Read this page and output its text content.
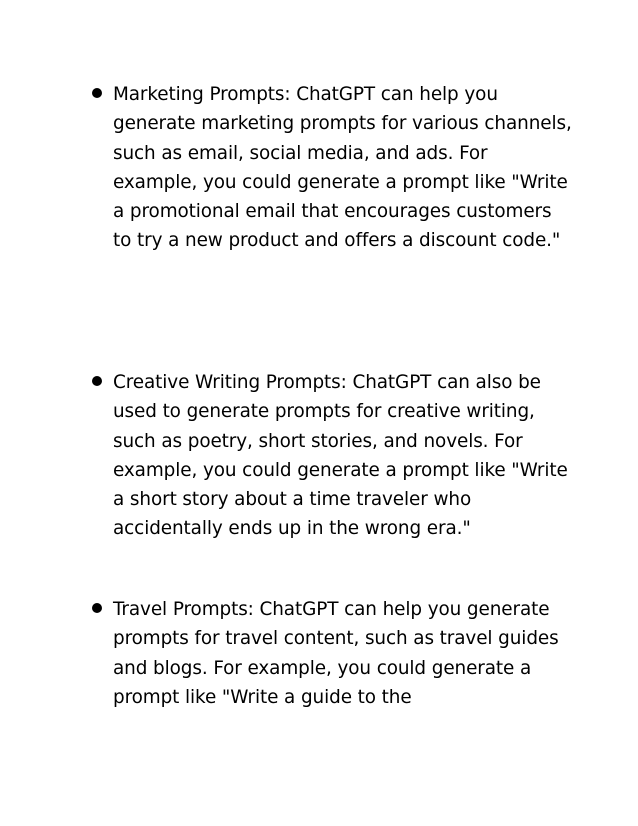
Marketing Prompts: ChatGPT can help you generate marketing prompts for various channels, such as email, social media, and ads. For example, you could generate a prompt like "Write a promotional email that encourages customers to try a new product and offers a discount code."

Creative Writing Prompts: ChatGPT can also be used to generate prompts for creative writing, such as poetry, short stories, and novels. For example, you could generate a prompt like "Write a short story about a time traveler who accidentally ends up in the wrong era."

Travel Prompts: ChatGPT can help you generate prompts for travel content, such as travel guides and blogs. For example, you could generate a prompt like "Write a guide to the
